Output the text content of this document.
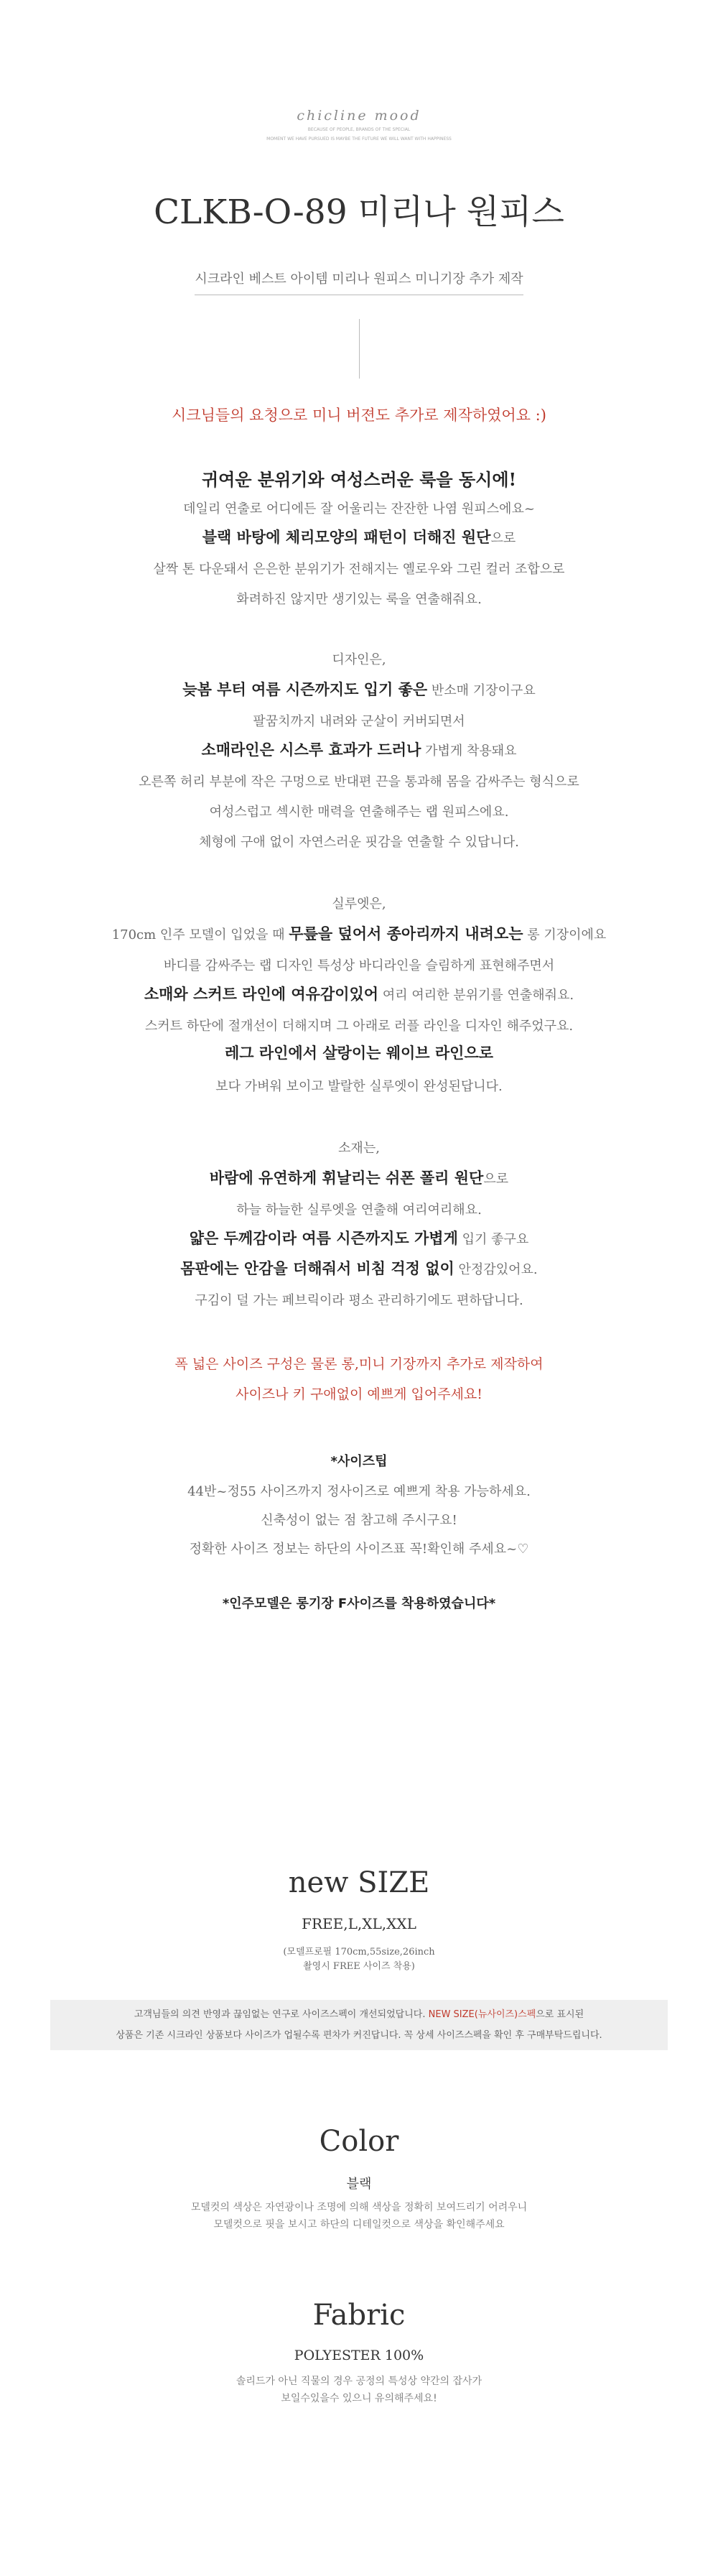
chicline mood
BECAUSE OF PEOPLE, BRANDS OF THE SPECIAL
MOMENT WE HAVE PURSUED IS MAYBE THE FUTURE WE WILL WANT WITH HAPPINESS
CLKB-O-89 미리나 원피스
시크라인 베스트 아이템 미리나 원피스 미니기장 추가 제작
시크님들의 요청으로 미니 버젼도 추가로 제작하였어요 :)
귀여운 분위기와 여성스러운 룩을 동시에!
데일리 연출로 어디에든 잘 어울리는 잔잔한 나염 원피스에요~
블랙 바탕에 체리모양의 패턴이 더해진 원단으로
살짝 톤 다운돼서 은은한 분위기가 전해지는 옐로우와 그린 컬러 조합으로
화려하진 않지만 생기있는 룩을 연출해줘요.
디자인은,
늦봄 부터 여름 시즌까지도 입기 좋은 반소매 기장이구요
팔꿈치까지 내려와 군살이 커버되면서
소매라인은 시스루 효과가 드러나 가볍게 착용돼요
오른쪽 허리 부분에 작은 구멍으로 반대편 끈을 통과해 몸을 감싸주는 형식으로
여성스럽고 섹시한 매력을 연출해주는 랩 원피스에요.
체형에 구애 없이 자연스러운 핏감을 연출할 수 있답니다.
실루엣은,
170cm 인주 모델이 입었을 때 무릎을 덮어서 종아리까지 내려오는 롱 기장이에요
바디를 감싸주는 랩 디자인 특성상 바디라인을 슬림하게 표현해주면서
소매와 스커트 라인에 여유감이있어 여리 여리한 분위기를 연출해줘요.
스커트 하단에 절개선이 더해지며 그 아래로 러플 라인을 디자인 해주었구요.
레그 라인에서 살랑이는 웨이브 라인으로
보다 가벼워 보이고 발랄한 실루엣이 완성된답니다.
소재는,
바람에 유연하게 휘날리는 쉬폰 폴리 원단으로
하늘 하늘한 실루엣을 연출해 여리여리해요.
얇은 두께감이라 여름 시즌까지도 가볍게 입기 좋구요
몸판에는 안감을 더해줘서 비침 걱정 없이 안정감있어요.
구김이 덜 가는 페브릭이라 평소 관리하기에도 편하답니다.
폭 넓은 사이즈 구성은 물론 롱,미니 기장까지 추가로 제작하여
사이즈나 키 구애없이 예쁘게 입어주세요!
*사이즈팁
44반~정55 사이즈까지 정사이즈로 예쁘게 착용 가능하세요.
신축성이 없는 점 참고해 주시구요!
정확한 사이즈 정보는 하단의 사이즈표 꼭!확인해 주세요~♡
*인주모델은 롱기장 F사이즈를 착용하였습니다*
new SIZE
FREE,L,XL,XXL
(모델프로필 170cm,55size,26inch
촬영시 FREE 사이즈 착용)
고객님들의 의견 반영과 끊임없는 연구로 사이즈스펙이 개선되었답니다. NEW SIZE(뉴사이즈)스펙으로 표시된
상품은 기존 시크라인 상품보다 사이즈가 업될수록 편차가 커진답니다. 꼭 상세 사이즈스펙을 확인 후 구매부탁드립니다.
Color
블랙
모델컷의 색상은 자연광이나 조명에 의해 색상을 정확히 보여드리기 어려우니
모델컷으로 핏을 보시고 하단의 디테일컷으로 색상을 확인해주세요
Fabric
POLYESTER 100%
솔리드가 아닌 직물의 경우 공정의 특성상 약간의 잡사가
보일수있을수 있으니 유의해주세요!
